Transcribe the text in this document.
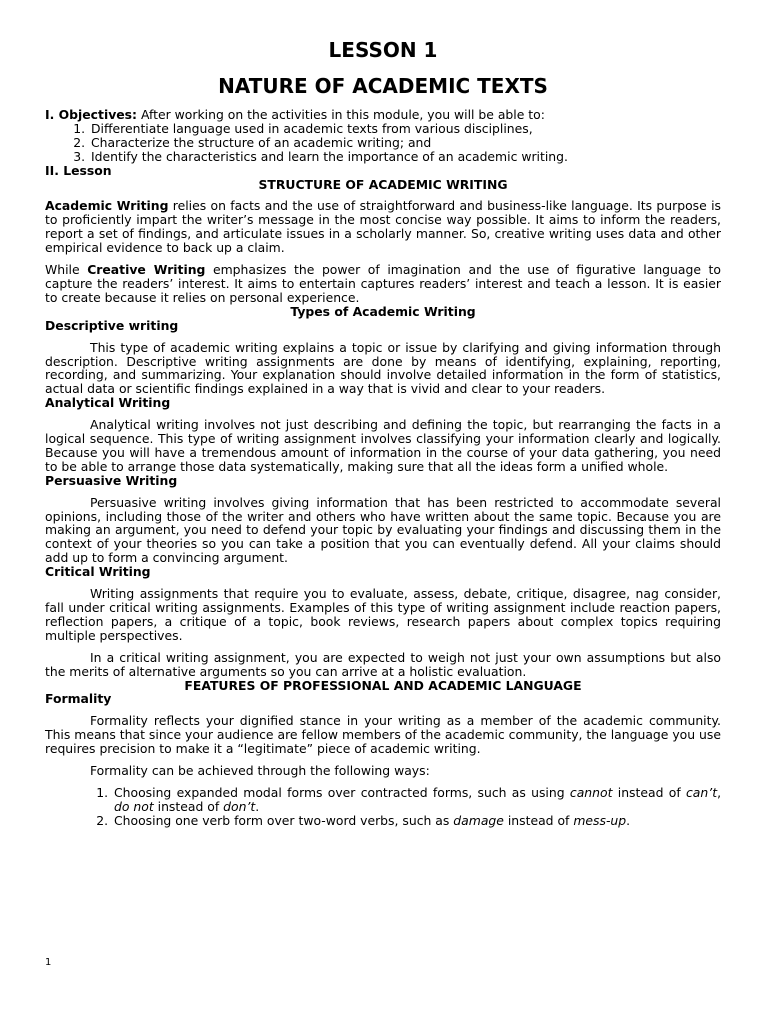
LESSON 1

NATURE OF ACADEMIC TEXTS

I. Objectives: After working on the activities in this module, you will be able to:

1. Differentiate language used in academic texts from various disciplines,
2. Characterize the structure of an academic writing; and
3. Identify the characteristics and learn the importance of an academic writing.

II. Lesson

STRUCTURE OF ACADEMIC WRITING

Academic Writing relies on facts and the use of straightforward and business-like language. Its purpose is to proficiently impart the writer’s message in the most concise way possible. It aims to inform the readers, report a set of findings, and articulate issues in a scholarly manner. So, creative writing uses data and other empirical evidence to back up a claim.

While Creative Writing emphasizes the power of imagination and the use of figurative language to capture the readers’ interest. It aims to entertain captures readers’ interest and teach a lesson. It is easier to create because it relies on personal experience.

Types of Academic Writing

Descriptive writing

This type of academic writing explains a topic or issue by clarifying and giving information through description. Descriptive writing assignments are done by means of identifying, explaining, reporting, recording, and summarizing. Your explanation should involve detailed information in the form of statistics, actual data or scientific findings explained in a way that is vivid and clear to your readers.

Analytical Writing

Analytical writing involves not just describing and defining the topic, but rearranging the facts in a logical sequence. This type of writing assignment involves classifying your information clearly and logically. Because you will have a tremendous amount of information in the course of your data gathering, you need to be able to arrange those data systematically, making sure that all the ideas form a unified whole.

Persuasive Writing

Persuasive writing involves giving information that has been restricted to accommodate several opinions, including those of the writer and others who have written about the same topic. Because you are making an argument, you need to defend your topic by evaluating your findings and discussing them in the context of your theories so you can take a position that you can eventually defend. All your claims should add up to form a convincing argument.

Critical Writing

Writing assignments that require you to evaluate, assess, debate, critique, disagree, nag consider, fall under critical writing assignments. Examples of this type of writing assignment include reaction papers, reflection papers, a critique of a topic, book reviews, research papers about complex topics requiring multiple perspectives.

In a critical writing assignment, you are expected to weigh not just your own assumptions but also the merits of alternative arguments so you can arrive at a holistic evaluation.

FEATURES OF PROFESSIONAL AND ACADEMIC LANGUAGE

Formality

Formality reflects your dignified stance in your writing as a member of the academic community. This means that since your audience are fellow members of the academic community, the language you use requires precision to make it a “legitimate” piece of academic writing.

Formality can be achieved through the following ways:

1. Choosing expanded modal forms over contracted forms, such as using cannot instead of can’t, do not instead of don’t.
2. Choosing one verb form over two-word verbs, such as damage instead of mess-up.
1
